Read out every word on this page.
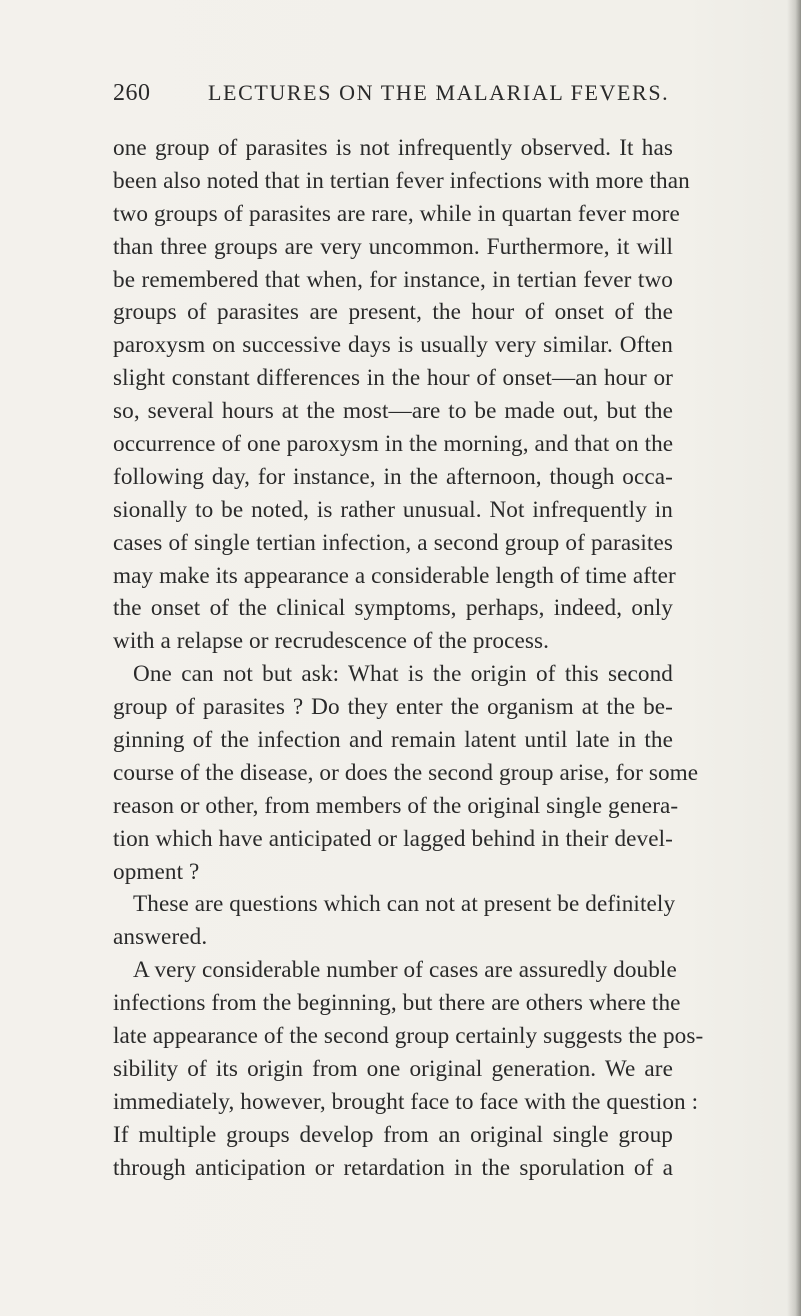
260	LECTURES ON THE MALARIAL FEVERS.
one group of parasites is not infrequently observed. It has
been also noted that in tertian fever infections with more than
two groups of parasites are rare, while in quartan fever more
than three groups are very uncommon. Furthermore, it will
be remembered that when, for instance, in tertian fever two
groups of parasites are present, the hour of onset of the
paroxysm on successive days is usually very similar. Often
slight constant differences in the hour of onset—an hour or
so, several hours at the most—are to be made out, but the
occurrence of one paroxysm in the morning, and that on the
following day, for instance, in the afternoon, though occa-
sionally to be noted, is rather unusual. Not infrequently in
cases of single tertian infection, a second group of parasites
may make its appearance a considerable length of time after
the onset of the clinical symptoms, perhaps, indeed, only
with a relapse or recrudescence of the process.
One can not but ask: What is the origin of this second
group of parasites ? Do they enter the organism at the be-
ginning of the infection and remain latent until late in the
course of the disease, or does the second group arise, for some
reason or other, from members of the original single genera-
tion which have anticipated or lagged behind in their devel-
opment ?
These are questions which can not at present be definitely
answered.
A very considerable number of cases are assuredly double
infections from the beginning, but there are others where the
late appearance of the second group certainly suggests the pos-
sibility of its origin from one original generation. We are
immediately, however, brought face to face with the question :
If multiple groups develop from an original single group
through anticipation or retardation in the sporulation of a
